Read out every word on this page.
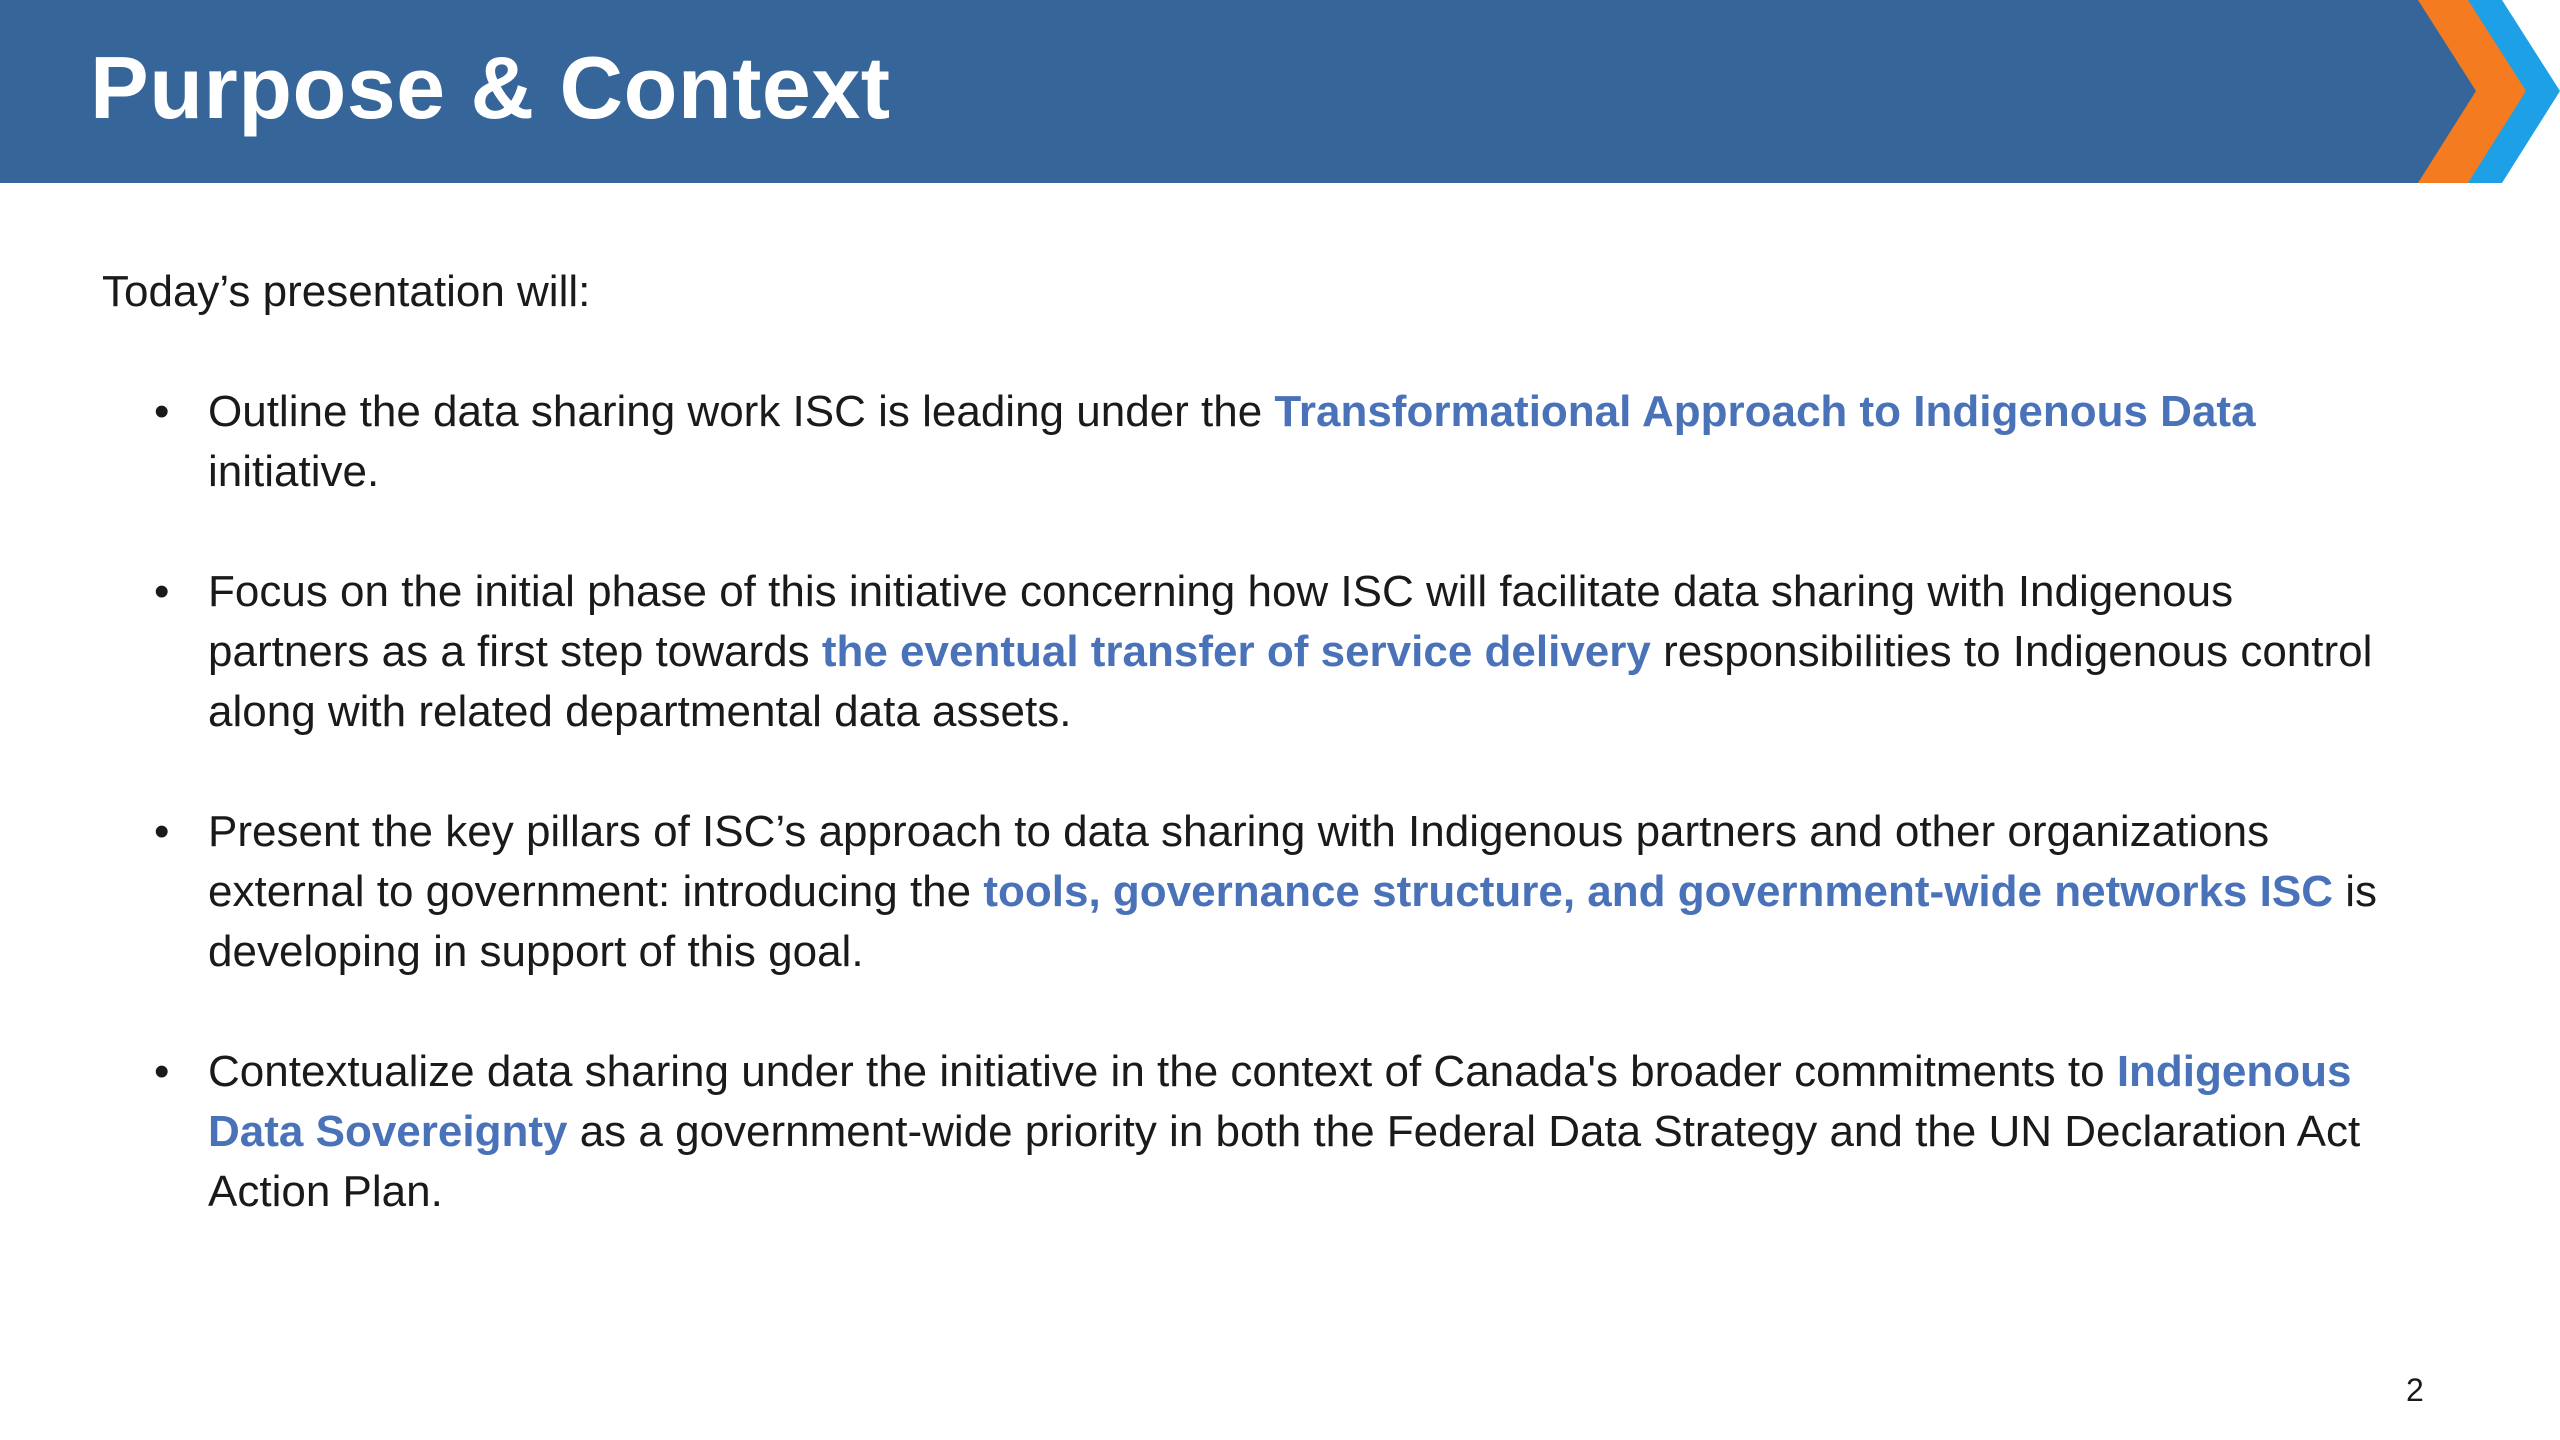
Purpose & Context

Today’s presentation will:

• Outline the data sharing work ISC is leading under the Transformational Approach to Indigenous Data initiative.
• Focus on the initial phase of this initiative concerning how ISC will facilitate data sharing with Indigenous partners as a first step towards the eventual transfer of service delivery responsibilities to Indigenous control along with related departmental data assets.
• Present the key pillars of ISC’s approach to data sharing with Indigenous partners and other organizations external to government: introducing the tools, governance structure, and government-wide networks ISC is developing in support of this goal.
• Contextualize data sharing under the initiative in the context of Canada's broader commitments to Indigenous Data Sovereignty as a government-wide priority in both the Federal Data Strategy and the UN Declaration Act Action Plan.
2
